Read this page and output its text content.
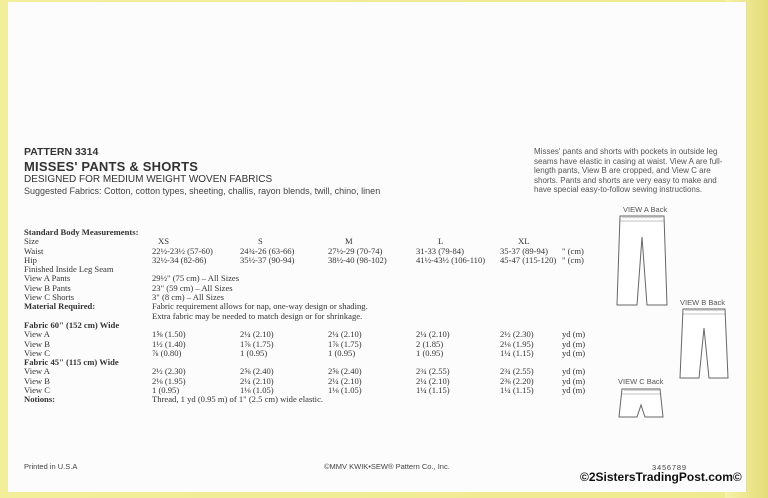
PATTERN 3314
MISSES' PANTS & SHORTS
DESIGNED FOR MEDIUM WEIGHT WOVEN FABRICS
Suggested Fabrics: Cotton, cotton types, sheeting, challis, rayon blends, twill, chino, linen
Misses' pants and shorts with pockets in outside leg seams have elastic in casing at waist. View A are full-length pants, View B are cropped, and View C are shorts. Pants and shorts are very easy to make and have special easy-to-follow sewing instructions.
Standard Body Measurements:						
Size	XS	S	M	L	XL	
Waist	22½-23½ (57-60)	24¾-26 (63-66)	27½-29 (70-74)	31-33 (79-84)	35-37 (89-94)	" (cm)
Hip	32½-34 (82-86)	35½-37 (90-94)	38½-40 (98-102)	41½-43½ (106-110)	45-47 (115-120)	" (cm)
Finished Inside Leg Seam						
View A Pants	29½" (75 cm) – All Sizes					
View B Pants	23" (59 cm) – All Sizes					
View C Shorts	3" (8 cm) – All Sizes					
Material Required:	Fabric requirement allows for nap, one-way design or shading.					
	Extra fabric may be needed to match design or for shrinkage.					
Fabric 60" (152 cm) Wide						
View A	1⅝ (1.50)	2¼ (2.10)	2¼ (2.10)	2¼ (2.10)	2½ (2.30)	yd (m)
View B	1½ (1.40)	1⅞ (1.75)	1⅞ (1.75)	2 (1.85)	2⅛ (1.95)	yd (m)
View C	⅞ (0.80)	1 (0.95)	1 (0.95)	1 (0.95)	1¼ (1.15)	yd (m)
Fabric 45" (115 cm) Wide						
View A	2½ (2.30)	2⅝ (2.40)	2⅝ (2.40)	2¾ (2.55)	2¾ (2.55)	yd (m)
View B	2⅛ (1.95)	2¼ (2.10)	2¼ (2.10)	2¼ (2.10)	2⅜ (2.20)	yd (m)
View C	1 (0.95)	1⅛ (1.05)	1⅛ (1.05)	1¼ (1.15)	1¼ (1.15)	yd (m)
Notions:	Thread, 1 yd (0.95 m) of 1" (2.5 cm) wide elastic.					
VIEW A Back
VIEW B Back
VIEW C Back
Printed in U.S.A	©MMV KWIK•SEW® Pattern Co., Inc.	3456789
©2SistersTradingPost.com©
